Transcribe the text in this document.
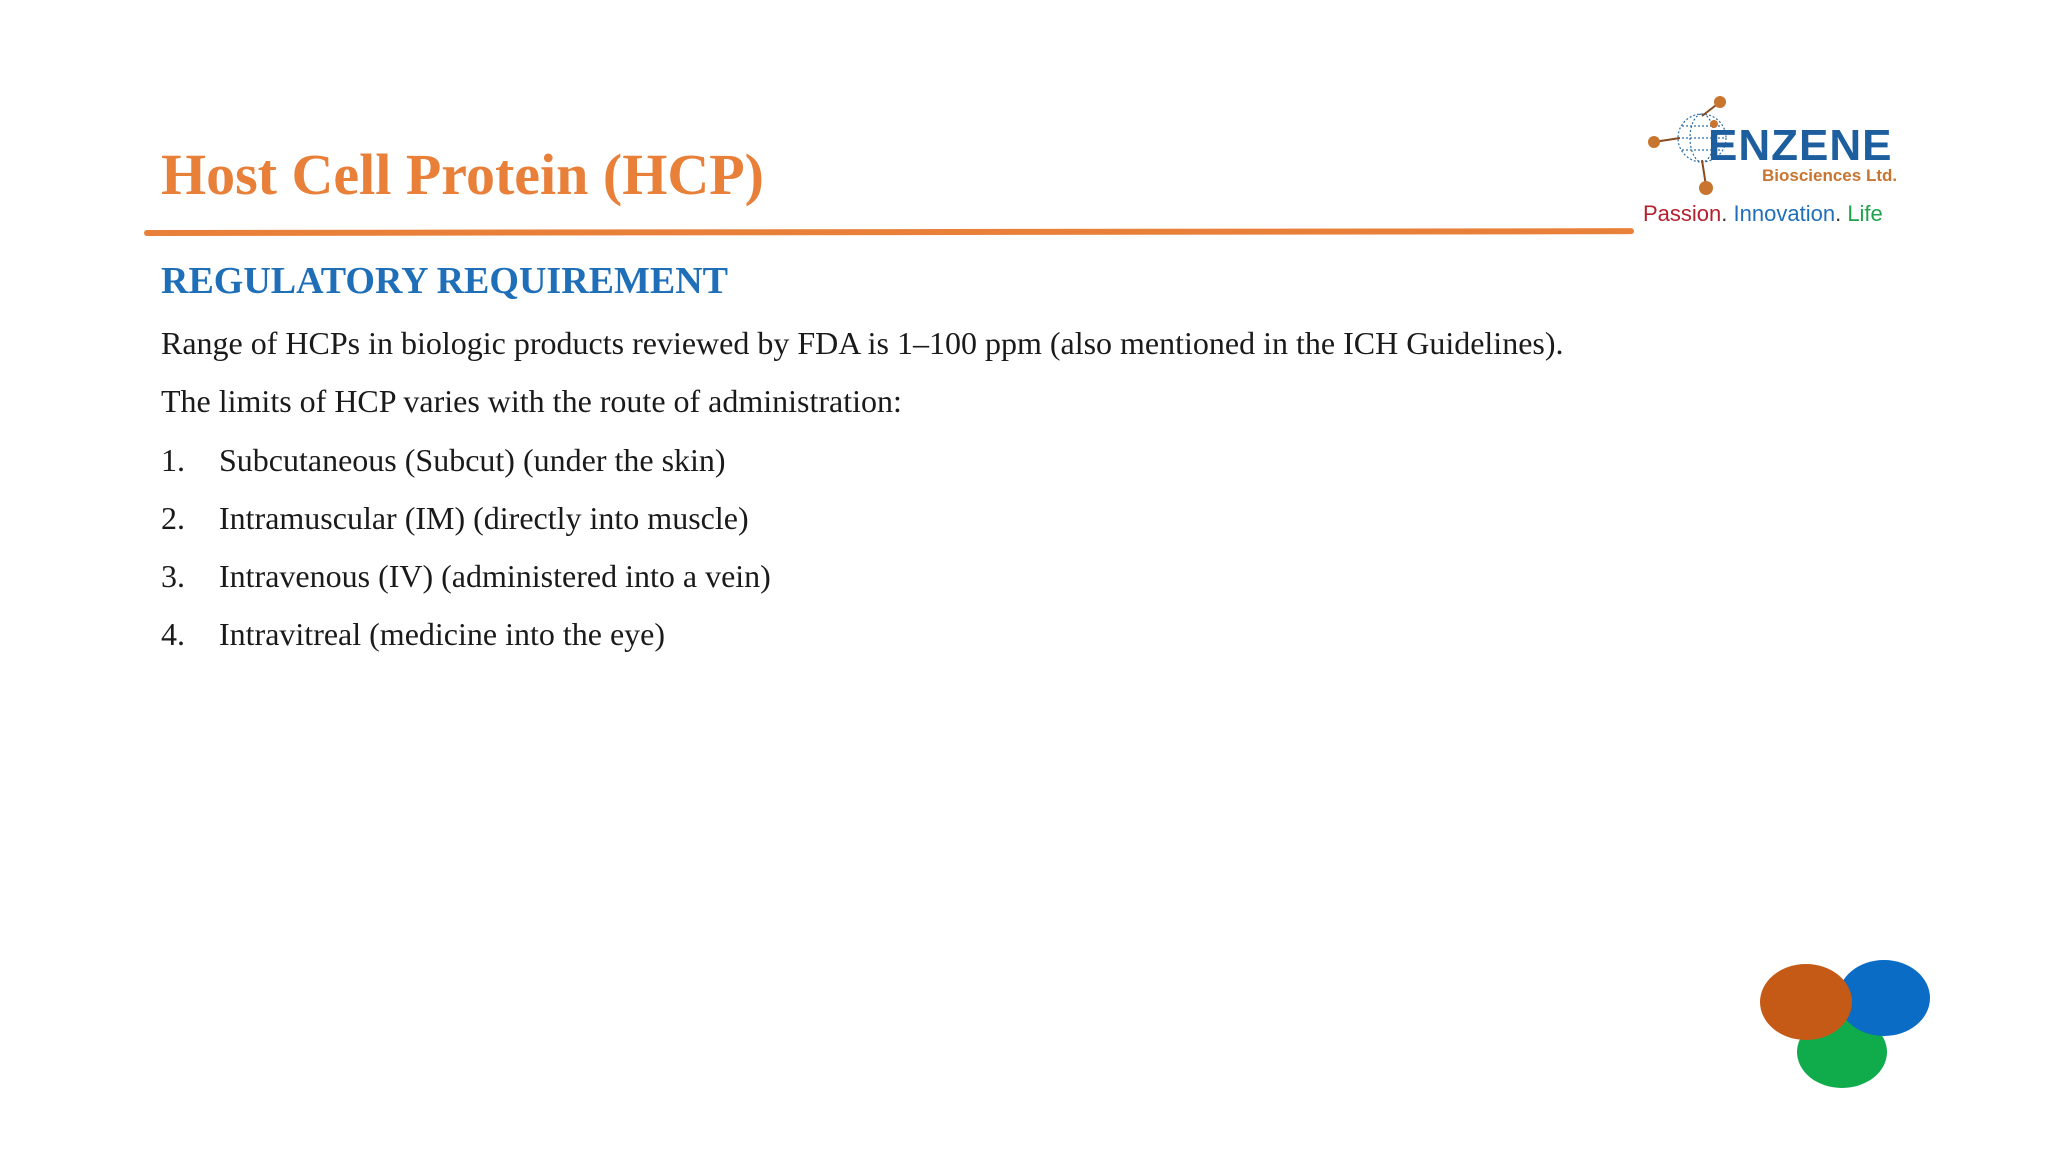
Host Cell Protein (HCP)	ENZENE
Biosciences Ltd.
Passion. Innovation. Life
REGULATORY REQUIREMENT
Range of HCPs in biologic products reviewed by FDA is 1–100 ppm (also mentioned in the ICH Guidelines).
The limits of HCP varies with the route of administration:
1. Subcutaneous (Subcut) (under the skin)
2. Intramuscular (IM) (directly into muscle)
3. Intravenous (IV) (administered into a vein)
4. Intravitreal (medicine into the eye)
